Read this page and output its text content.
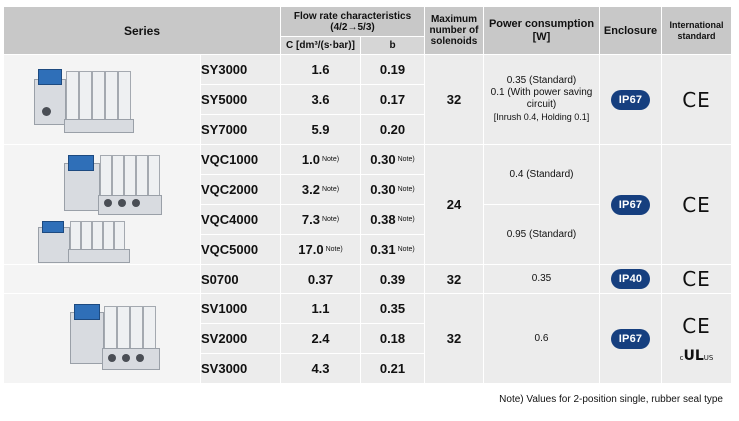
Series		Flow rate characteristics (4/2→5/3)		Maximum number of solenoids	Power consumption [W]	Enclosure	International standard
		C [dm³/(s·bar)]	b				

	SY3000	1.6	0.19	32	0.35 (Standard)
0.1 (With power saving circuit)
[Inrush 0.4, Holding 0.1]	IP67	CE
	SY5000	3.6	0.17				
	SY7000	5.9	0.20				

	VQC1000	1.0 $^{Note)}$	0.30 $^{Note)}$	24	0.4 (Standard)	IP67	CE
	VQC2000	3.2 $^{Note)}$	0.30 $^{Note)}$
	VQC4000	7.3 $^{Note)}$	0.38 $^{Note)}$		0.95 (Standard)		
	VQC5000	17.0 $^{Note)}$	0.31 $^{Note)}$
	S0700	0.37	0.39	32	0.35	IP40	CE

	SV1000	1.1	0.35	32	0.6	IP67	CE
cULUS

	SV2000	2.4	0.18				
	SV3000	4.3	0.21				
Note) Values for 2-position single, rubber seal type
